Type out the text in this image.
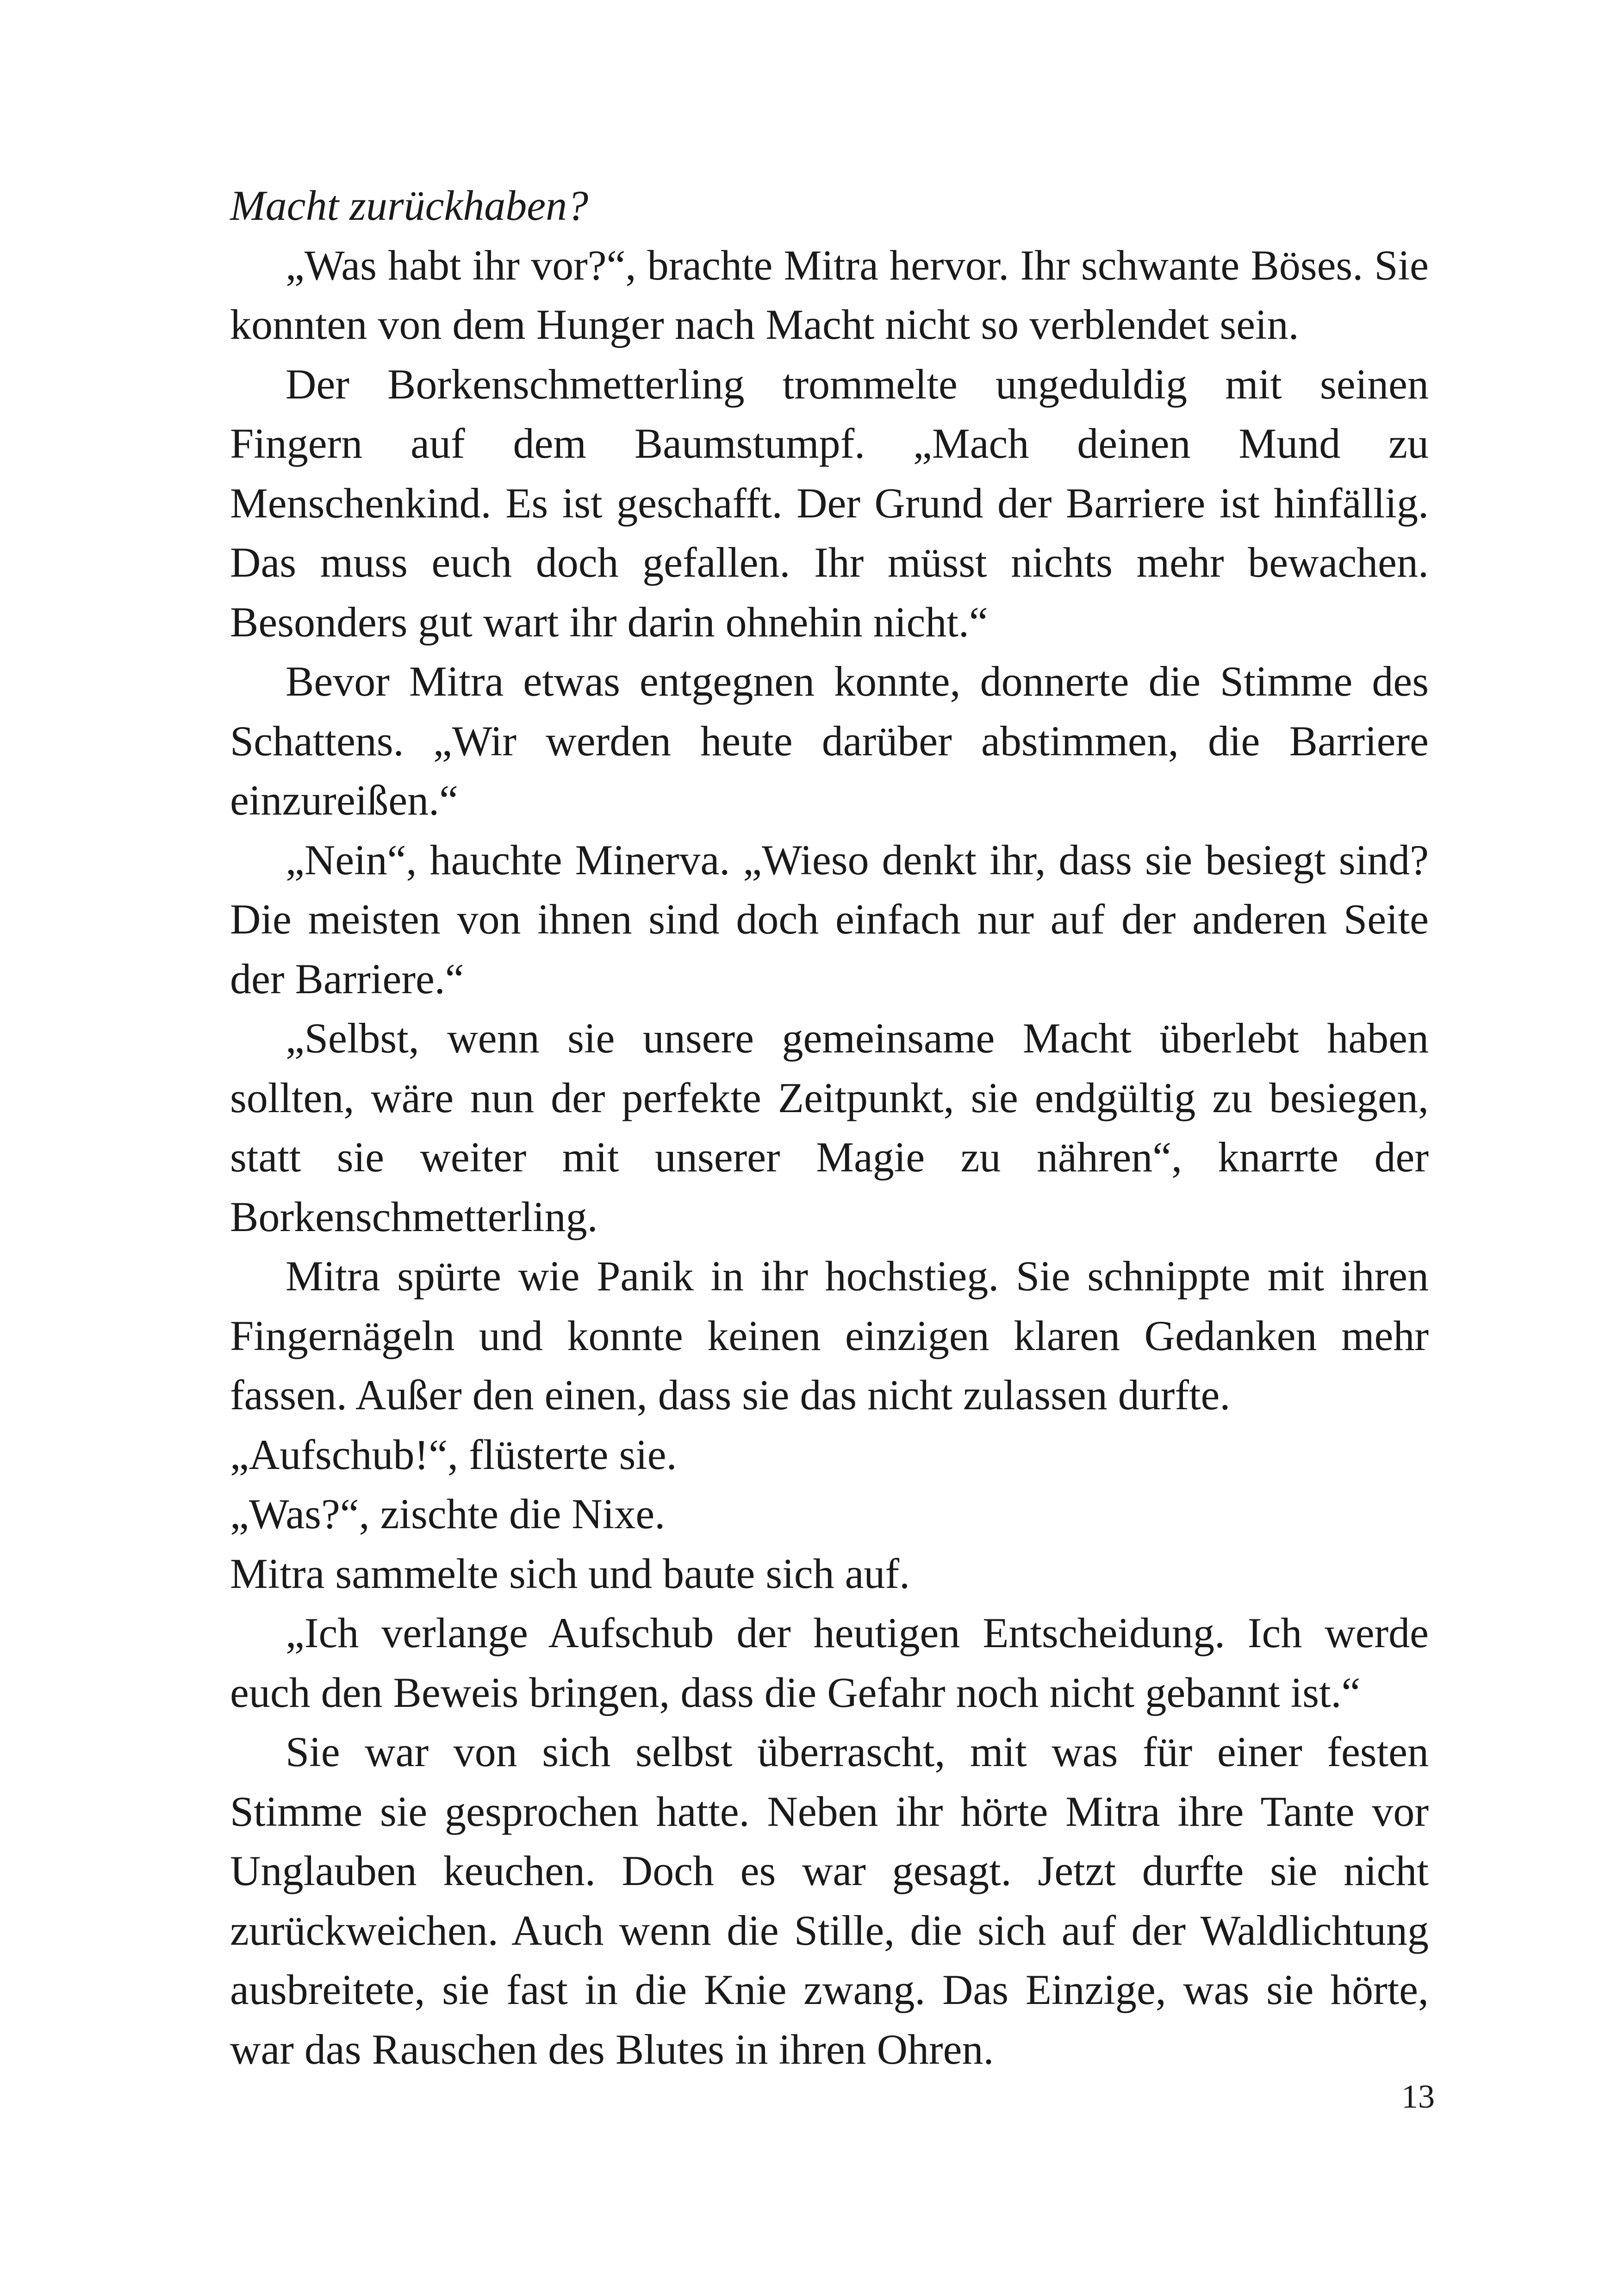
Macht zurückhaben?

„Was habt ihr vor?“, brachte Mitra hervor. Ihr schwante Böses. Sie konnten von dem Hunger nach Macht nicht so verblendet sein.

Der Borkenschmetterling trommelte ungeduldig mit seinen Fingern auf dem Baumstumpf. „Mach deinen Mund zu Menschenkind. Es ist geschafft. Der Grund der Barriere ist hinfällig. Das muss euch doch gefallen. Ihr müsst nichts mehr bewachen. Besonders gut wart ihr darin ohnehin nicht.“

Bevor Mitra etwas entgegnen konnte, donnerte die Stimme des Schattens. „Wir werden heute darüber abstimmen, die Barriere einzureißen.“

„Nein“, hauchte Minerva. „Wieso denkt ihr, dass sie besiegt sind? Die meisten von ihnen sind doch einfach nur auf der anderen Seite der Barriere.“

„Selbst, wenn sie unsere gemeinsame Macht überlebt haben sollten, wäre nun der perfekte Zeitpunkt, sie endgültig zu besiegen, statt sie weiter mit unserer Magie zu nähren“, knarrte der Borkenschmetterling.

Mitra spürte wie Panik in ihr hochstieg. Sie schnippte mit ihren Fingernägeln und konnte keinen einzigen klaren Gedanken mehr fassen. Außer den einen, dass sie das nicht zulassen durfte.

„Aufschub!“, flüsterte sie.

„Was?“, zischte die Nixe.

Mitra sammelte sich und baute sich auf.

„Ich verlange Aufschub der heutigen Entscheidung. Ich werde euch den Beweis bringen, dass die Gefahr noch nicht gebannt ist.“

Sie war von sich selbst überrascht, mit was für einer festen Stimme sie gesprochen hatte. Neben ihr hörte Mitra ihre Tante vor Unglauben keuchen. Doch es war gesagt. Jetzt durfte sie nicht zurückweichen. Auch wenn die Stille, die sich auf der Waldlichtung ausbreitete, sie fast in die Knie zwang. Das Einzige, was sie hörte, war das Rauschen des Blutes in ihren Ohren.

13
